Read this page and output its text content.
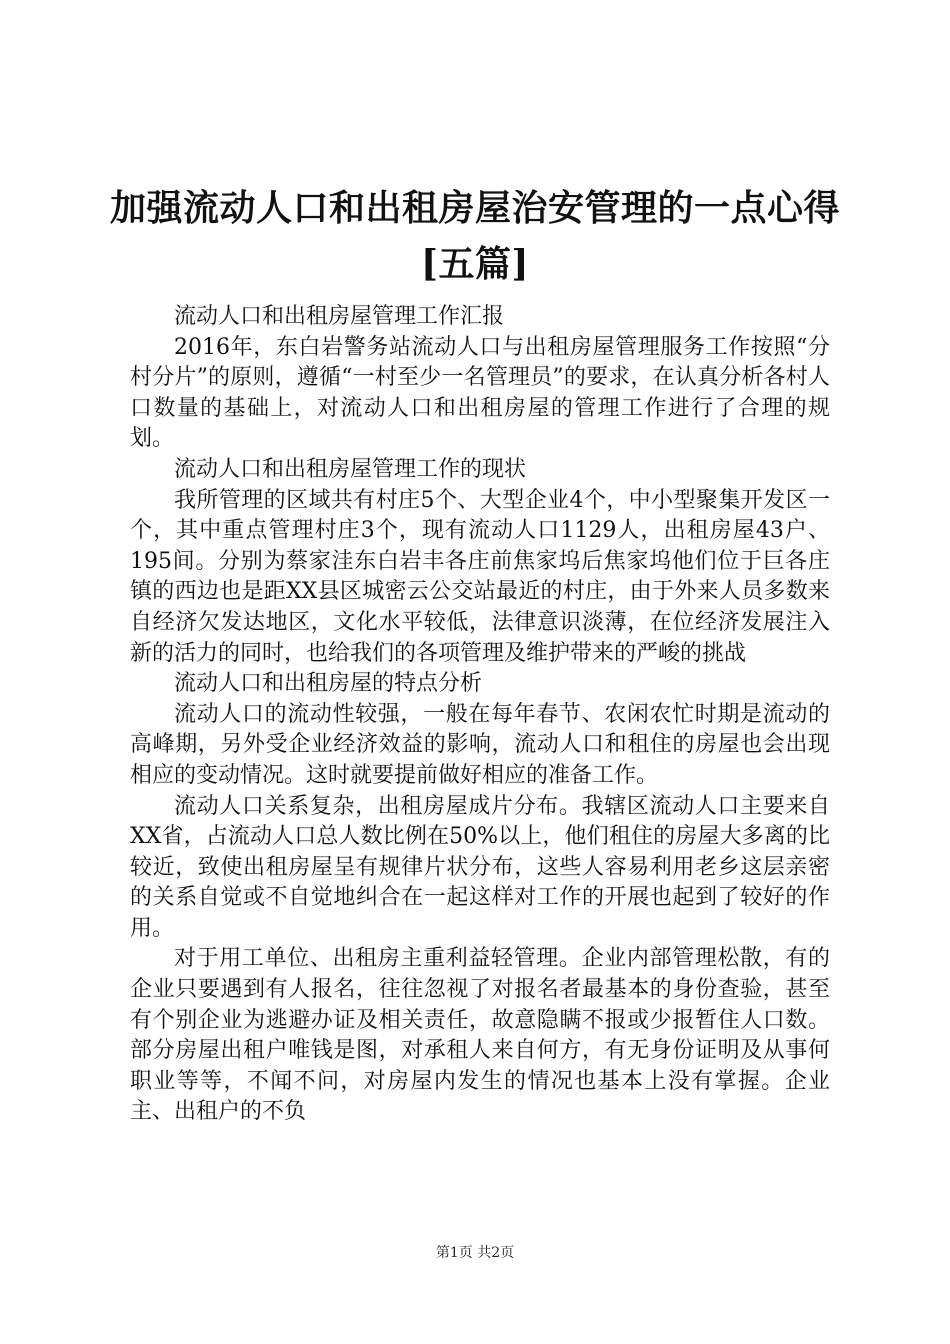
加强流动人口和出租房屋治安管理的一点心得
[五篇]

流动人口和出租房屋管理工作汇报

2016年，东白岩警务站流动人口与出租房屋管理服务工作按照“分村分片”的原则，遵循“一村至少一名管理员”的要求，在认真分析各村人口数量的基础上，对流动人口和出租房屋的管理工作进行了合理的规划。

流动人口和出租房屋管理工作的现状

我所管理的区域共有村庄5个、大型企业4个，中小型聚集开发区一个，其中重点管理村庄3个，现有流动人口1129人，出租房屋43户、195间。分别为蔡家洼东白岩丰各庄前焦家坞后焦家坞他们位于巨各庄镇的西边也是距XX县区城密云公交站最近的村庄，由于外来人员多数来自经济欠发达地区，文化水平较低，法律意识淡薄，在位经济发展注入新的活力的同时，也给我们的各项管理及维护带来的严峻的挑战

流动人口和出租房屋的特点分析

流动人口的流动性较强，一般在每年春节、农闲农忙时期是流动的高峰期，另外受企业经济效益的影响，流动人口和租住的房屋也会出现相应的变动情况。这时就要提前做好相应的准备工作。

流动人口关系复杂，出租房屋成片分布。我辖区流动人口主要来自XX省，占流动人口总人数比例在50%以上，他们租住的房屋大多离的比较近，致使出租房屋呈有规律片状分布，这些人容易利用老乡这层亲密的关系自觉或不自觉地纠合在一起这样对工作的开展也起到了较好的作用。

对于用工单位、出租房主重利益轻管理。企业内部管理松散，有的企业只要遇到有人报名，往往忽视了对报名者最基本的身份查验，甚至有个别企业为逃避办证及相关责任，故意隐瞒不报或少报暂住人口数。部分房屋出租户唯钱是图，对承租人来自何方，有无身份证明及从事何职业等等，不闻不问，对房屋内发生的情况也基本上没有掌握。企业主、出租户的不负

第1页 共2页
